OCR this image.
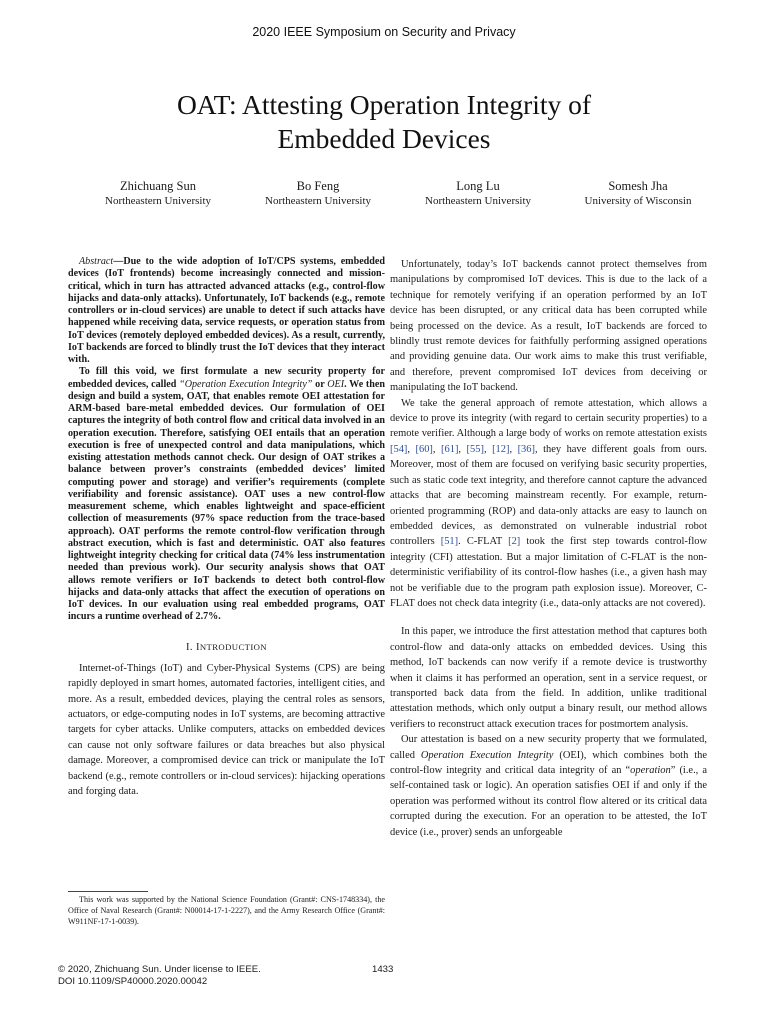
2020 IEEE Symposium on Security and Privacy
OAT: Attesting Operation Integrity of
Embedded Devices
Zhichuang Sun
Northeastern University
Bo Feng
Northeastern University
Long Lu
Northeastern University
Somesh Jha
University of Wisconsin

Abstract—Due to the wide adoption of IoT/CPS systems, embedded devices (IoT frontends) become increasingly connected and mission-critical, which in turn has attracted advanced attacks (e.g., control-flow hijacks and data-only attacks). Unfortunately, IoT backends (e.g., remote controllers or in-cloud services) are unable to detect if such attacks have happened while receiving data, service requests, or operation status from IoT devices (remotely deployed embedded devices). As a result, currently, IoT backends are forced to blindly trust the IoT devices that they interact with.

To fill this void, we first formulate a new security property for embedded devices, called “Operation Execution Integrity” or OEI. We then design and build a system, OAT, that enables remote OEI attestation for ARM-based bare-metal embedded devices. Our formulation of OEI captures the integrity of both control flow and critical data involved in an operation execution. Therefore, satisfying OEI entails that an operation execution is free of unexpected control and data manipulations, which existing attestation methods cannot check. Our design of OAT strikes a balance between prover’s constraints (embedded devices’ limited computing power and storage) and verifier’s requirements (complete verifiability and forensic assistance). OAT uses a new control-flow measurement scheme, which enables lightweight and space-efficient collection of measurements (97% space reduction from the trace-based approach). OAT performs the remote control-flow verification through abstract execution, which is fast and deterministic. OAT also features lightweight integrity checking for critical data (74% less instrumentation needed than previous work). Our security analysis shows that OAT allows remote verifiers or IoT backends to detect both control-flow hijacks and data-only attacks that affect the execution of operations on IoT devices. In our evaluation using real embedded programs, OAT incurs a runtime overhead of 2.7%.

I. INTRODUCTION

Internet-of-Things (IoT) and Cyber-Physical Systems (CPS) are being rapidly deployed in smart homes, automated factories, intelligent cities, and more. As a result, embedded devices, playing the central roles as sensors, actuators, or edge-computing nodes in IoT systems, are becoming attractive targets for cyber attacks. Unlike computers, attacks on embedded devices can cause not only software failures or data breaches but also physical damage. Moreover, a compromised device can trick or manipulate the IoT backend (e.g., remote controllers or in-cloud services): hijacking operations and forging data.

Unfortunately, today’s IoT backends cannot protect themselves from manipulations by compromised IoT devices. This is due to the lack of a technique for remotely verifying if an operation performed by an IoT device has been disrupted, or any critical data has been corrupted while being processed on the device. As a result, IoT backends are forced to blindly trust remote devices for faithfully performing assigned operations and providing genuine data. Our work aims to make this trust verifiable, and therefore, prevent compromised IoT devices from deceiving or manipulating the IoT backend.

We take the general approach of remote attestation, which allows a device to prove its integrity (with regard to certain security properties) to a remote verifier. Although a large body of works on remote attestation exists [54], [60], [61], [55], [12], [36], they have different goals from ours. Moreover, most of them are focused on verifying basic security properties, such as static code text integrity, and therefore cannot capture the advanced attacks that are becoming mainstream recently. For example, return-oriented programming (ROP) and data-only attacks are easy to launch on embedded devices, as demonstrated on vulnerable industrial robot controllers [51]. C-FLAT [2] took the first step towards control-flow integrity (CFI) attestation. But a major limitation of C-FLAT is the non-deterministic verifiability of its control-flow hashes (i.e., a given hash may not be verifiable due to the program path explosion issue). Moreover, C-FLAT does not check data integrity (i.e., data-only attacks are not covered).

In this paper, we introduce the first attestation method that captures both control-flow and data-only attacks on embedded devices. Using this method, IoT backends can now verify if a remote device is trustworthy when it claims it has performed an operation, sent in a service request, or transported back data from the field. In addition, unlike traditional attestation methods, which only output a binary result, our method allows verifiers to reconstruct attack execution traces for postmortem analysis.

Our attestation is based on a new security property that we formulated, called Operation Execution Integrity (OEI), which combines both the control-flow integrity and critical data integrity of an “operation” (i.e., a self-contained task or logic). An operation satisfies OEI if and only if the operation was performed without its control flow altered or its critical data corrupted during the execution. For an operation to be attested, the IoT device (i.e., prover) sends an unforgeable

This work was supported by the National Science Foundation (Grant#: CNS-1748334), the Office of Naval Research (Grant#: N00014-17-1-2227), and the Army Research Office (Grant#: W911NF-17-1-0039).
© 2020, Zhichuang Sun. Under license to IEEE.
DOI 10.1109/SP40000.2020.00042
1433
